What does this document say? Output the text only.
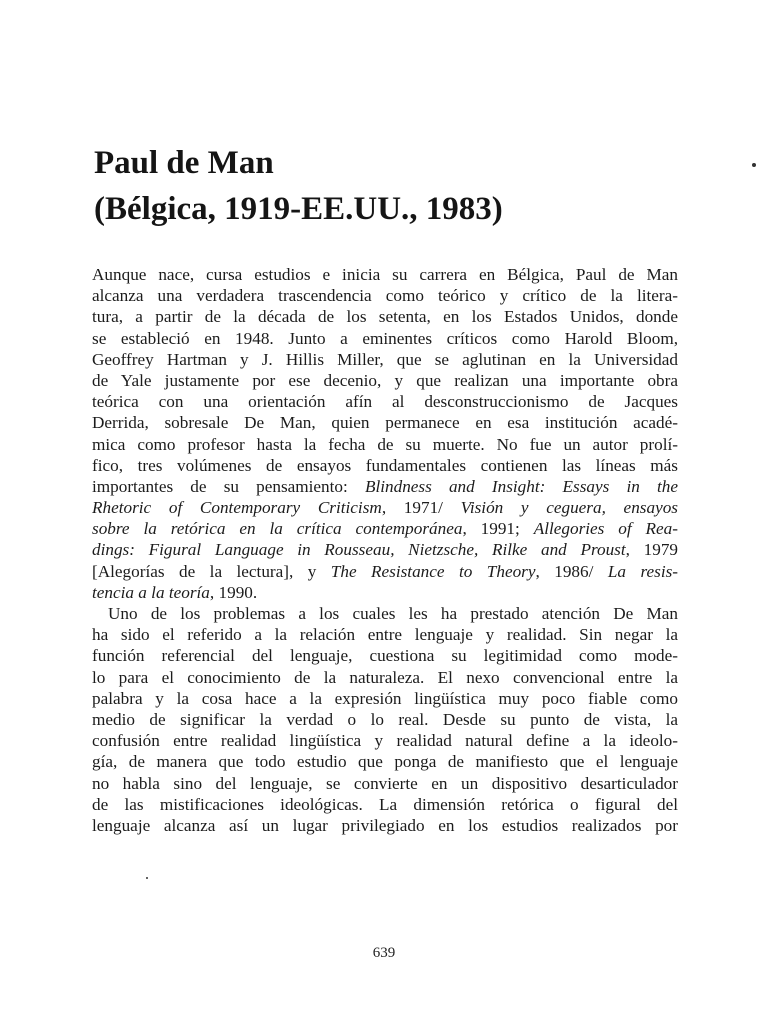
Paul de Man
(Bélgica, 1919-EE.UU., 1983)
Aunque nace, cursa estudios e inicia su carrera en Bélgica, Paul de Man
alcanza una verdadera trascendencia como teórico y crítico de la litera-
tura, a partir de la década de los setenta, en los Estados Unidos, donde
se estableció en 1948. Junto a eminentes críticos como Harold Bloom,
Geoffrey Hartman y J. Hillis Miller, que se aglutinan en la Universidad
de Yale justamente por ese decenio, y que realizan una importante obra
teórica con una orientación afín al desconstruccionismo de Jacques
Derrida, sobresale De Man, quien permanece en esa institución acadé-
mica como profesor hasta la fecha de su muerte. No fue un autor prolí-
fico, tres volúmenes de ensayos fundamentales contienen las líneas más
importantes de su pensamiento: Blindness and Insight: Essays in the
Rhetoric of Contemporary Criticism, 1971/ Visión y ceguera, ensayos
sobre la retórica en la crítica contemporánea, 1991; Allegories of Rea-
dings: Figural Language in Rousseau, Nietzsche, Rilke and Proust, 1979
[Alegorías de la lectura], y The Resistance to Theory, 1986/ La resis-
tencia a la teoría, 1990.
Uno de los problemas a los cuales les ha prestado atención De Man
ha sido el referido a la relación entre lenguaje y realidad. Sin negar la
función referencial del lenguaje, cuestiona su legitimidad como mode-
lo para el conocimiento de la naturaleza. El nexo convencional entre la
palabra y la cosa hace a la expresión lingüística muy poco fiable como
medio de significar la verdad o lo real. Desde su punto de vista, la
confusión entre realidad lingüística y realidad natural define a la ideolo-
gía, de manera que todo estudio que ponga de manifiesto que el lenguaje
no habla sino del lenguaje, se convierte en un dispositivo desarticulador
de las mistificaciones ideológicas. La dimensión retórica o figural del
lenguaje alcanza así un lugar privilegiado en los estudios realizados por
639
